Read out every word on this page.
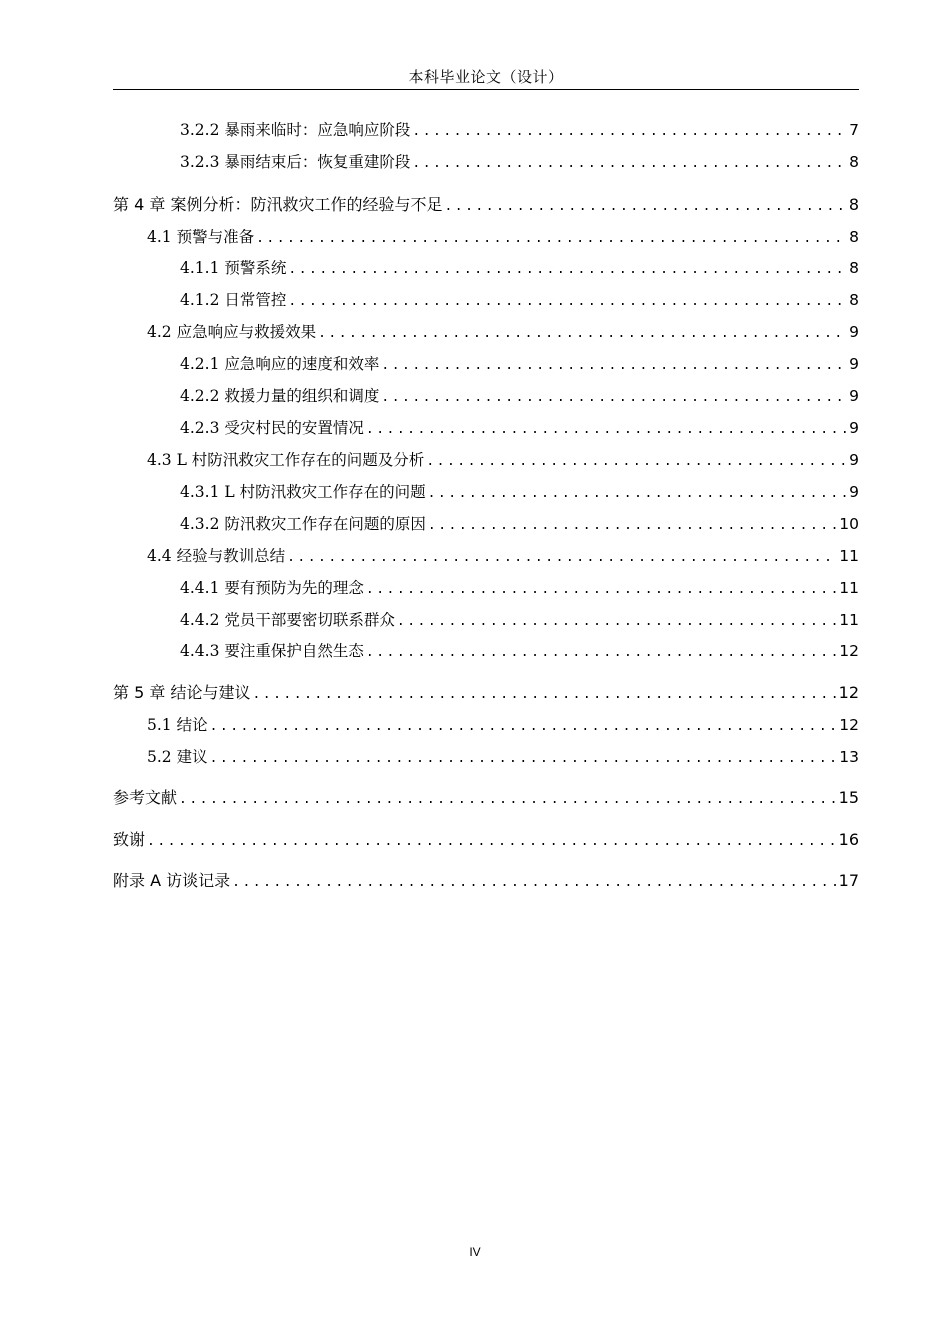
本科毕业论文（设计）
3.2.2 暴雨来临时：应急响应阶段 .....	7
3.2.3 暴雨结束后：恢复重建阶段 .....	8
第 4 章 案例分析：防汛救灾工作的经验与不足 .....	8
4.1 预警与准备 .....	8
4.1.1 预警系统 .....	8
4.1.2 日常管控 .....	8
4.2 应急响应与救援效果 .....	9
4.2.1 应急响应的速度和效率 .....	9
4.2.2 救援力量的组织和调度 .....	9
4.2.3 受灾村民的安置情况 .....	9
4.3 L 村防汛救灾工作存在的问题及分析 .....	9
4.3.1 L 村防汛救灾工作存在的问题 .....	9
4.3.2 防汛救灾工作存在问题的原因 .....	10
4.4 经验与教训总结 .....	11
4.4.1 要有预防为先的理念 .....	11
4.4.2 党员干部要密切联系群众 .....	11
4.4.3 要注重保护自然生态 .....	12
第 5 章 结论与建议 .....	12
5.1 结论 .....	12
5.2 建议 .....	13
参考文献 .....	15
致谢 .....	16
附录 A 访谈记录 .....	17
IV
